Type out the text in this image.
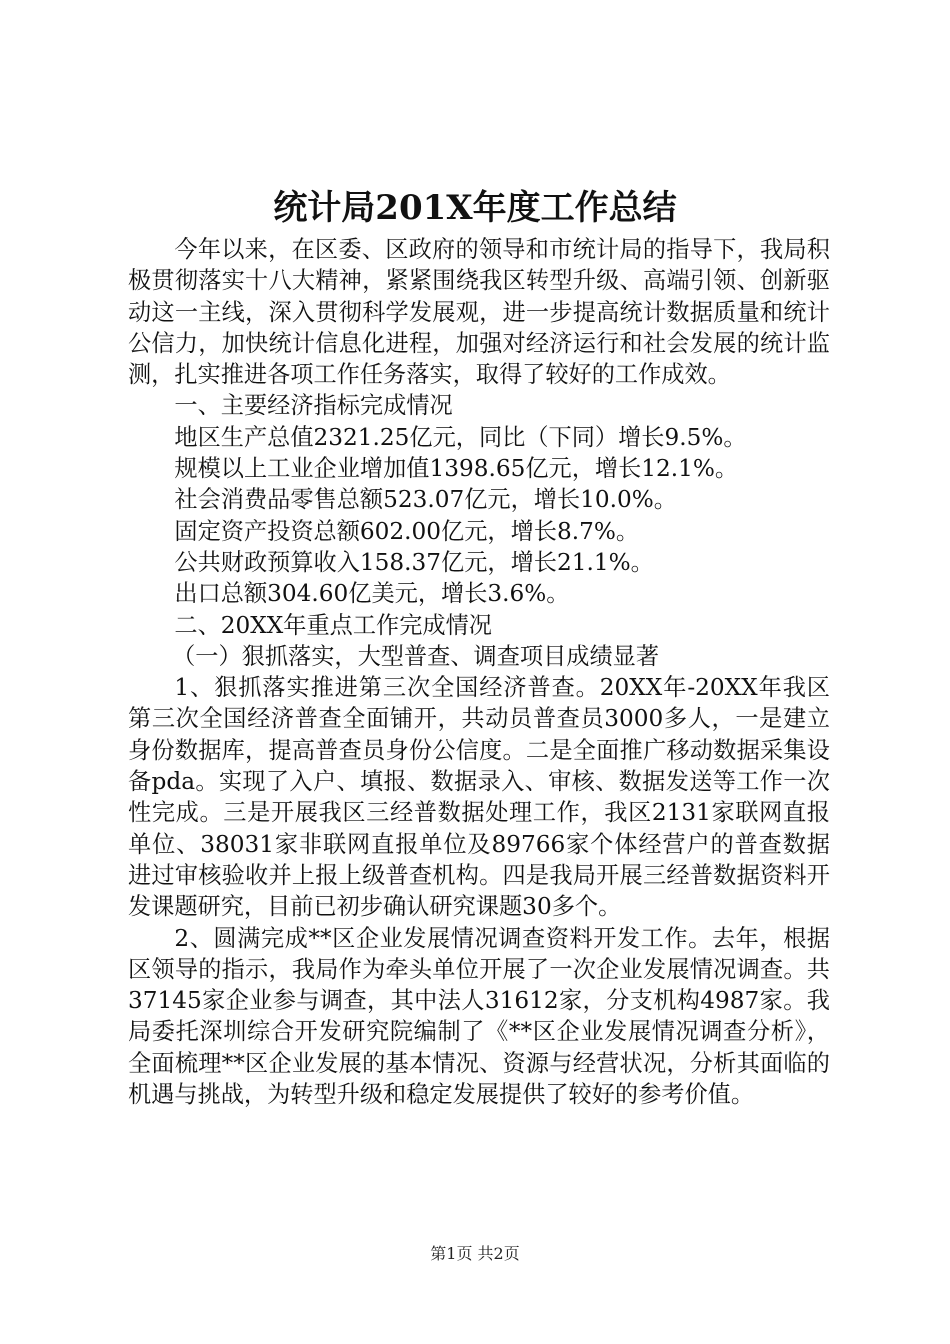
统计局201X年度工作总结

今年以来，在区委、区政府的领导和市统计局的指导下，我局积极贯彻落实十八大精神，紧紧围绕我区转型升级、高端引领、创新驱动这一主线，深入贯彻科学发展观，进一步提高统计数据质量和统计公信力，加快统计信息化进程，加强对经济运行和社会发展的统计监测，扎实推进各项工作任务落实，取得了较好的工作成效。

一、主要经济指标完成情况

地区生产总值2321.25亿元，同比（下同）增长9.5%。

规模以上工业企业增加值1398.65亿元，增长12.1%。

社会消费品零售总额523.07亿元，增长10.0%。

固定资产投资总额602.00亿元，增长8.7%。

公共财政预算收入158.37亿元，增长21.1%。

出口总额304.60亿美元，增长3.6%。

二、20XX年重点工作完成情况

（一）狠抓落实，大型普查、调查项目成绩显著

1、狠抓落实推进第三次全国经济普查。20XX年-20XX年我区第三次全国经济普查全面铺开，共动员普查员3000多人，一是建立身份数据库，提高普查员身份公信度。二是全面推广移动数据采集设备pda。实现了入户、填报、数据录入、审核、数据发送等工作一次性完成。三是开展我区三经普数据处理工作，我区2131家联网直报单位、38031家非联网直报单位及89766家个体经营户的普查数据进过审核验收并上报上级普查机构。四是我局开展三经普数据资料开发课题研究，目前已初步确认研究课题30多个。

2、圆满完成**区企业发展情况调查资料开发工作。去年，根据区领导的指示，我局作为牵头单位开展了一次企业发展情况调查。共37145家企业参与调查，其中法人31612家，分支机构4987家。我局委托深圳综合开发研究院编制了《**区企业发展情况调查分析》，全面梳理**区企业发展的基本情况、资源与经营状况，分析其面临的机遇与挑战，为转型升级和稳定发展提供了较好的参考价值。

第1页 共2页
